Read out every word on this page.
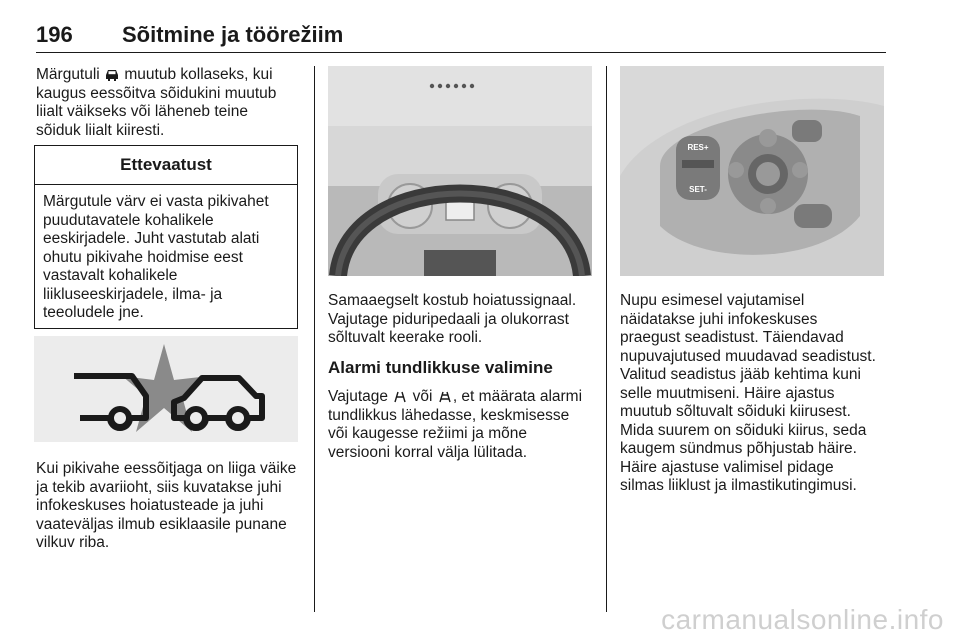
196 Sõitmine ja töörežiim
Märgutuli muutub kollaseks, kui
kaugus eessõitva sõidukini muutub
liialt väikseks või läheneb teine
sõiduk liialt kiiresti.
Ettevaatust
Märgutule värv ei vasta pikivahet
puudutavatele kohalikele
eeskirjadele. Juht vastutab alati
ohutu pikivahe hoidmise eest
vastavalt kohalikele
liikluseeskirjadele, ilma- ja
teeoludele jne.
Kui pikivahe eessõitjaga on liiga väike
ja tekib avariioht, siis kuvatakse juhi
infokeskuses hoiatusteade ja juhi
vaateväljas ilmub esiklaasile punane
vilkuv riba.
Samaaegselt kostub hoiatussignaal.
Vajutage piduripedaali ja olukorrast
sõltuvalt keerake rooli.
Alarmi tundlikkuse valimine
Vajutage või , et määrata alarmi
tundlikkus lähedasse, keskmisesse
või kaugesse režiimi ja mõne
versiooni korral välja lülitada.
RES+
SET-
Nupu esimesel vajutamisel
näidatakse juhi infokeskuses
praegust seadistust. Täiendavad
nupuvajutused muudavad seadistust.
Valitud seadistus jääb kehtima kuni
selle muutmiseni. Häire ajastus
muutub sõltuvalt sõiduki kiirusest.
Mida suurem on sõiduki kiirus, seda
kaugem sündmus põhjustab häire.
Häire ajastuse valimisel pidage
silmas liiklust ja ilmastikutingimusi.
carmanualsonline.info
